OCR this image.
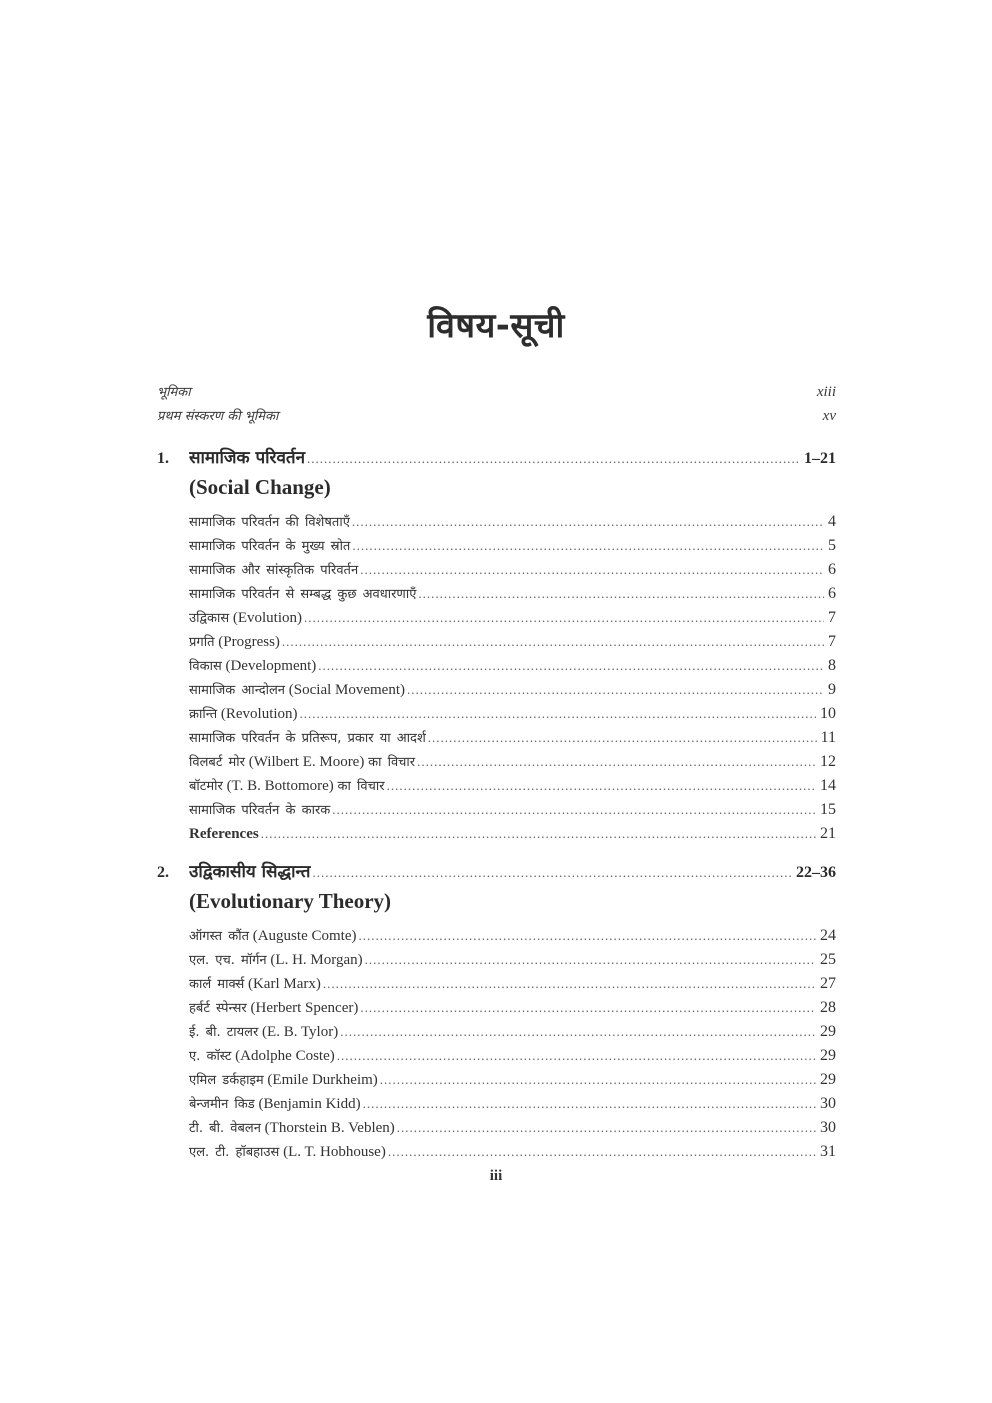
विषय-सूची
भूमिका	xiii
प्रथम संस्करण की भूमिका	xv
1.	सामाजिक परिवर्तन .....	1–21
(Social Change)
सामाजिक परिवर्तन की विशेषताएँ .....	4
सामाजिक परिवर्तन के मुख्य स्रोत .....	5
सामाजिक और सांस्कृतिक परिवर्तन .....	6
सामाजिक परिवर्तन से सम्बद्ध कुछ अवधारणाएँ .....	6
उद्विकास (Evolution) .....	7
प्रगति (Progress) .....	7
विकास (Development) .....	8
सामाजिक आन्दोलन (Social Movement) .....	9
क्रान्ति (Revolution) .....	10
सामाजिक परिवर्तन के प्रतिरूप, प्रकार या आदर्श .....	11
विलबर्ट मोर (Wilbert E. Moore) का विचार .....	12
बॉटमोर (T. B. Bottomore) का विचार .....	14
सामाजिक परिवर्तन के कारक .....	15
References .....	21
2.	उद्विकासीय सिद्धान्त .....	22–36
(Evolutionary Theory)
ऑगस्त कौंत (Auguste Comte) .....	24
एल. एच. मॉर्गन (L. H. Morgan) .....	25
कार्ल मार्क्स (Karl Marx) .....	27
हर्बर्ट स्पेन्सर (Herbert Spencer) .....	28
ई. बी. टायलर (E. B. Tylor) .....	29
ए. कॉस्ट (Adolphe Coste) .....	29
एमिल डर्कहाइम (Emile Durkheim) .....	29
बेन्जमीन किड (Benjamin Kidd) .....	30
टी. बी. वेबलन (Thorstein B. Veblen) .....	30
एल. टी. हॉबहाउस (L. T. Hobhouse) .....	31
iii
